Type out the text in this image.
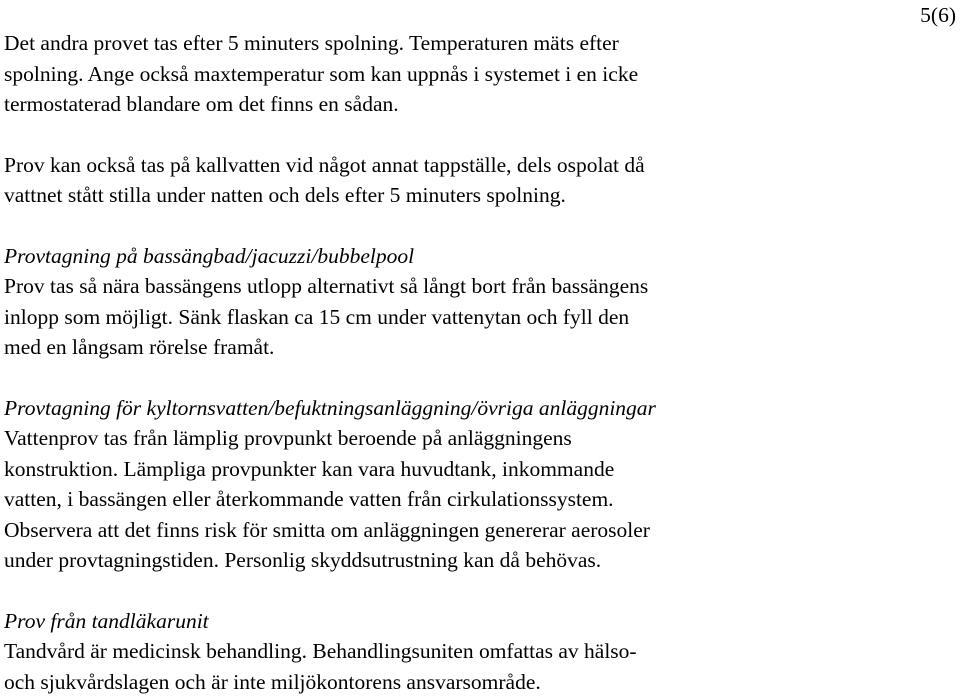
5(6)
Det andra provet tas efter 5 minuters spolning. Temperaturen mäts efter
spolning. Ange också maxtemperatur som kan uppnås i systemet i en icke
termostaterad blandare om det finns en sådan.
Prov kan också tas på kallvatten vid något annat tappställe, dels ospolat då
vattnet stått stilla under natten och dels efter 5 minuters spolning.
Provtagning på bassängbad/jacuzzi/bubbelpool
Prov tas så nära bassängens utlopp alternativt så långt bort från bassängens
inlopp som möjligt. Sänk flaskan ca 15 cm under vattenytan och fyll den
med en långsam rörelse framåt.
Provtagning för kyltornsvatten/befuktningsanläggning/övriga anläggningar
Vattenprov tas från lämplig provpunkt beroende på anläggningens
konstruktion. Lämpliga provpunkter kan vara huvudtank, inkommande
vatten, i bassängen eller återkommande vatten från cirkulationssystem.
Observera att det finns risk för smitta om anläggningen genererar aerosoler
under provtagningstiden. Personlig skyddsutrustning kan då behövas.
Prov från tandläkarunit
Tandvård är medicinsk behandling. Behandlingsuniten omfattas av hälso-
och sjukvårdslagen och är inte miljökontorens ansvarsområde.
